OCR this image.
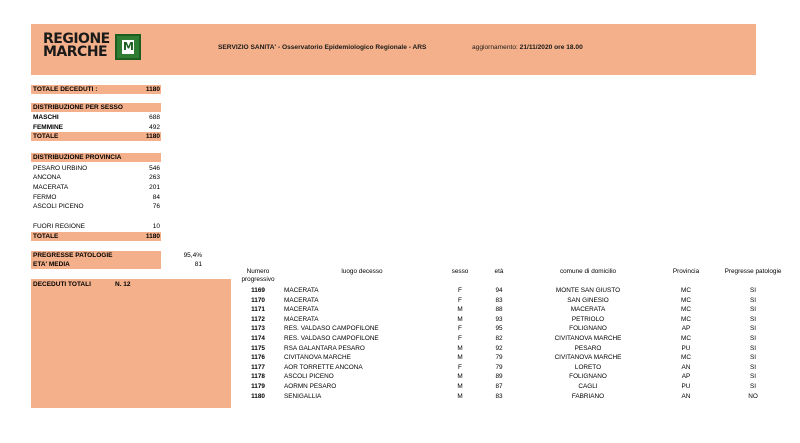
REGIONE
MARCHE M	SERVIZIO SANITA' - Osservatorio Epidemiologico Regionale - ARS	aggiornamento: 21/11/2020 ore 18.00
TOTALE DECEDUTI :	1180
DISTRIBUZIONE PER SESSO
MASCHI	688
FEMMINE	492
TOTALE	1180
DISTRIBUZIONE PROVINCIA
PESARO URBINO	546
ANCONA	263
MACERATA	201
FERMO	84
ASCOLI PICENO	76
FUORI REGIONE	10
TOTALE	1180
PREGRESSE PATOLOGIE	95,4%
ETA' MEDIA	81
DECEDUTI TOTALI	N. 12
Numero progressivo	luogo decesso	sesso	età	comune di domicilio	Provincia	Pregresse patologie
1169	MACERATA	F	94	MONTE SAN GIUSTO	MC	SI
1170	MACERATA	F	83	SAN GINESIO	MC	SI
1171	MACERATA	M	88	MACERATA	MC	SI
1172	MACERATA	M	93	PETRIOLO	MC	SI
1173	RES. VALDASO CAMPOFILONE	F	95	FOLIGNANO	AP	SI
1174	RES. VALDASO CAMPOFILONE	F	82	CIVITANOVA MARCHE	MC	SI
1175	RSA GALANTARA PESARO	M	92	PESARO	PU	SI
1176	CIVITANOVA MARCHE	M	79	CIVITANOVA MARCHE	MC	SI
1177	AOR TORRETTE ANCONA	F	79	LORETO	AN	SI
1178	ASCOLI PICENO	M	89	FOLIGNANO	AP	SI
1179	AORMN PESARO	M	87	CAGLI	PU	SI
1180	SENIGALLIA	M	83	FABRIANO	AN	NO
